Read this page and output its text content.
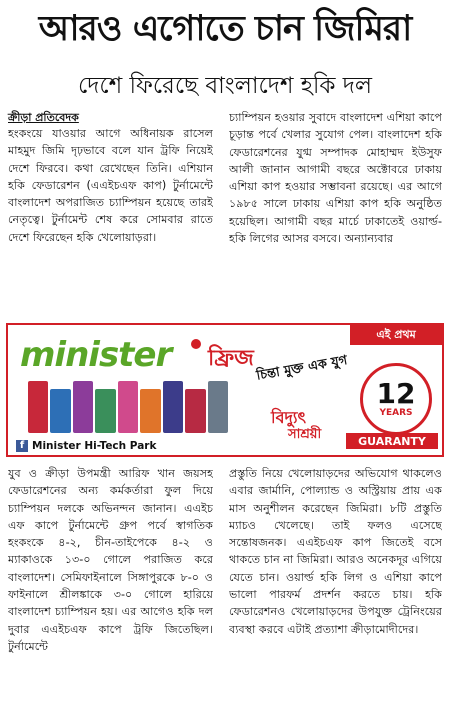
আরও এগোতে চান জিমিরা
দেশে ফিরেছে বাংলাদেশ হকি দল
ক্রীড়া প্রতিবেদক

হংকংয়ে যাওয়ার আগে অধিনায়ক রাসেল মাহমুদ জিমি দৃঢ়ভাবে বলে যান ট্রফি নিয়েই দেশে ফিরবে। কথা রেখেছেন তিনি। এশিয়ান হকি ফেডারেশন (এএইচএফ কাপ) টুর্নামেন্টে বাংলাদেশ অপরাজিত চ্যাম্পিয়ন হয়েছে তারই নেতৃত্বে। টুর্নামেন্ট শেষ করে সোমবার রাতে দেশে ফিরেছেন হকি খেলোয়াড়রা।

চ্যাম্পিয়ন হওয়ার সুবাদে বাংলাদেশ এশিয়া কাপে চূড়ান্ত পর্বে খেলার সুযোগ পেল। বাংলাদেশ হকি ফেডারেশনের যুগ্ম সম্পাদক মোহাম্মদ ইউসুফ আলী জানান আগামী বছরে অক্টোবরে ঢাকায় এশিয়া কাপ হওয়ার সম্ভাবনা রয়েছে। এর আগে ১৯৮৫ সালে ঢাকায় এশিয়া কাপ হকি অনুষ্ঠিত হয়েছিল। আগামী বছর মার্চে ঢাকাতেই ওয়ার্ল্ড-হকি লিগের আসর বসবে। অন্যান্যবার

minister ফ্রিজ
f Minister Hi-Tech Park
চিন্তা মুক্ত এক যুগ
বিদ্যুৎ
সাশ্রয়ী
এই প্রথম
12
YEARS
GUARANTY

যুব ও ক্রীড়া উপমন্ত্রী আরিফ খান জয়সহ ফেডারেশনের অন্য কর্মকর্তারা ফুল দিয়ে চ্যাম্পিয়ন দলকে অভিনন্দন জানান। এএইচ এফ কাপে টুর্নামেন্টে গ্রুপ পর্বে স্বাগতিক হংকংকে ৪-২, চীন-তাইপেকে ৪-২ ও ম্যাকাওকে ১৩-০ গোলে পরাজিত করে বাংলাদেশ। সেমিফাইনালে সিঙ্গাপুরকে ৮-০ ও ফাইনালে শ্রীলঙ্কাকে ৩-০ গোলে হারিয়ে বাংলাদেশ চ্যাম্পিয়ন হয়। এর আগেও হকি দল দুবার এএইচএফ কাপে ট্রফি জিতেছিল। টুর্নামেন্টে

প্রস্তুতি নিয়ে খেলোয়াড়দের অভিযোগ থাকলেও এবার জার্মানি, পোল্যান্ড ও অস্ট্রিয়ায় প্রায় এক মাস অনুশীলন করেছেন জিমিরা। ৮টি প্রস্তুতি ম্যাচও খেলেছে। তাই ফলও এসেছে সন্তোষজনক। এএইচএফ কাপ জিতেই বসে থাকতে চান না জিমিরা। আরও অনেকদূর এগিয়ে যেতে চান। ওয়ার্ল্ড হকি লিগ ও এশিয়া কাপে ভালো পারফর্ম প্রদর্শন করতে চায়। হকি ফেডারেশনও খেলোয়াড়দের উপযুক্ত ট্রেনিংয়ের ব্যবস্থা করবে এটাই প্রত্যাশা ক্রীড়ামোদীদের।
